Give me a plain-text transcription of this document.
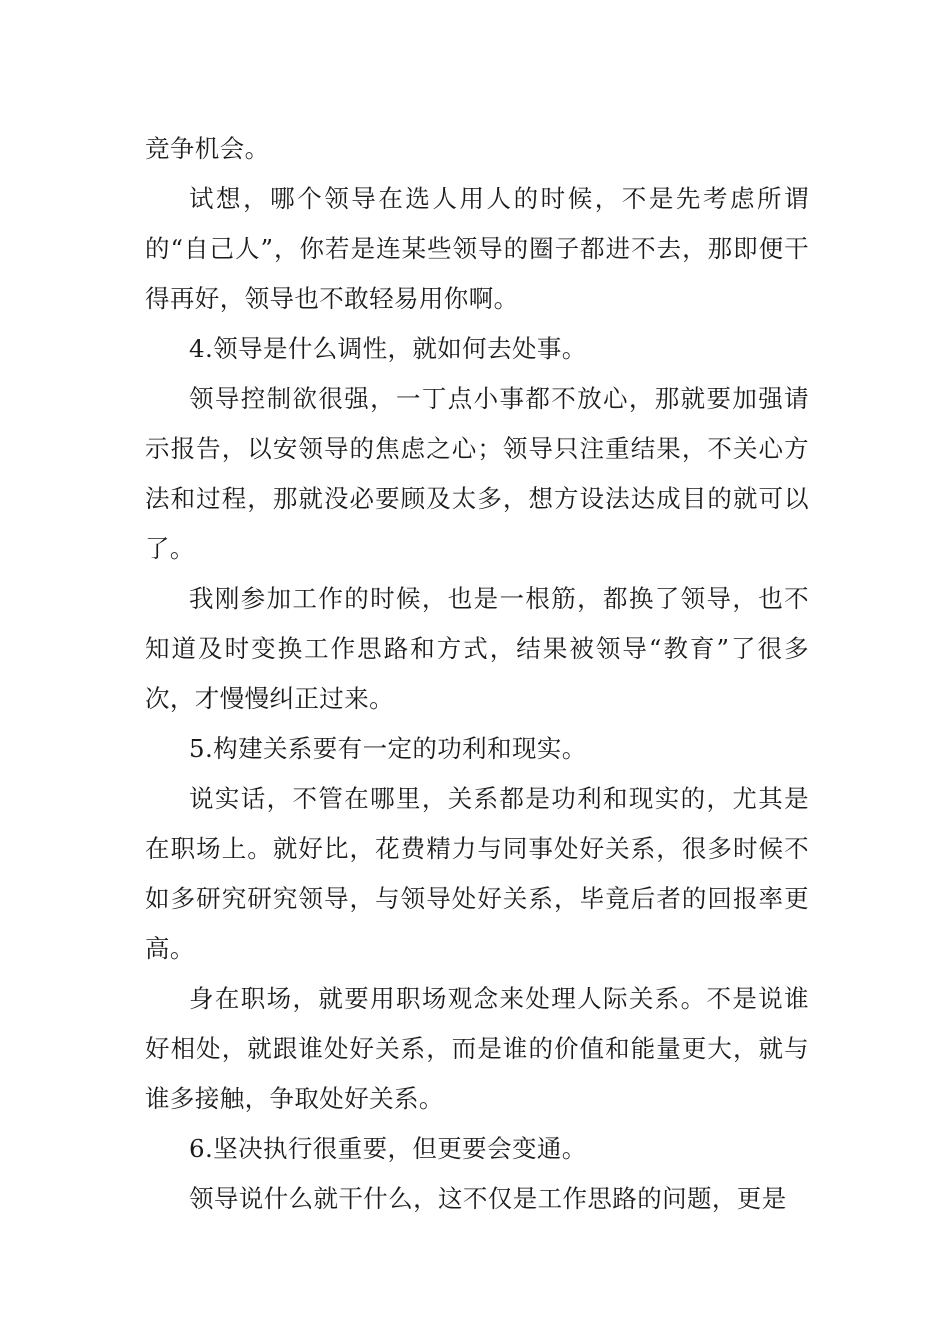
竞争机会。

试想，哪个领导在选人用人的时候，不是先考虑所谓的“自己人”，你若是连某些领导的圈子都进不去，那即便干得再好，领导也不敢轻易用你啊。

4.领导是什么调性，就如何去处事。

领导控制欲很强，一丁点小事都不放心，那就要加强请示报告，以安领导的焦虑之心；领导只注重结果，不关心方法和过程，那就没必要顾及太多，想方设法达成目的就可以了。

我刚参加工作的时候，也是一根筋，都换了领导，也不知道及时变换工作思路和方式，结果被领导“教育”了很多次，才慢慢纠正过来。

5.构建关系要有一定的功利和现实。

说实话，不管在哪里，关系都是功利和现实的，尤其是在职场上。就好比，花费精力与同事处好关系，很多时候不如多研究研究领导，与领导处好关系，毕竟后者的回报率更高。

身在职场，就要用职场观念来处理人际关系。不是说谁好相处，就跟谁处好关系，而是谁的价值和能量更大，就与谁多接触，争取处好关系。

6.坚决执行很重要，但更要会变通。

领导说什么就干什么，这不仅是工作思路的问题，更是
